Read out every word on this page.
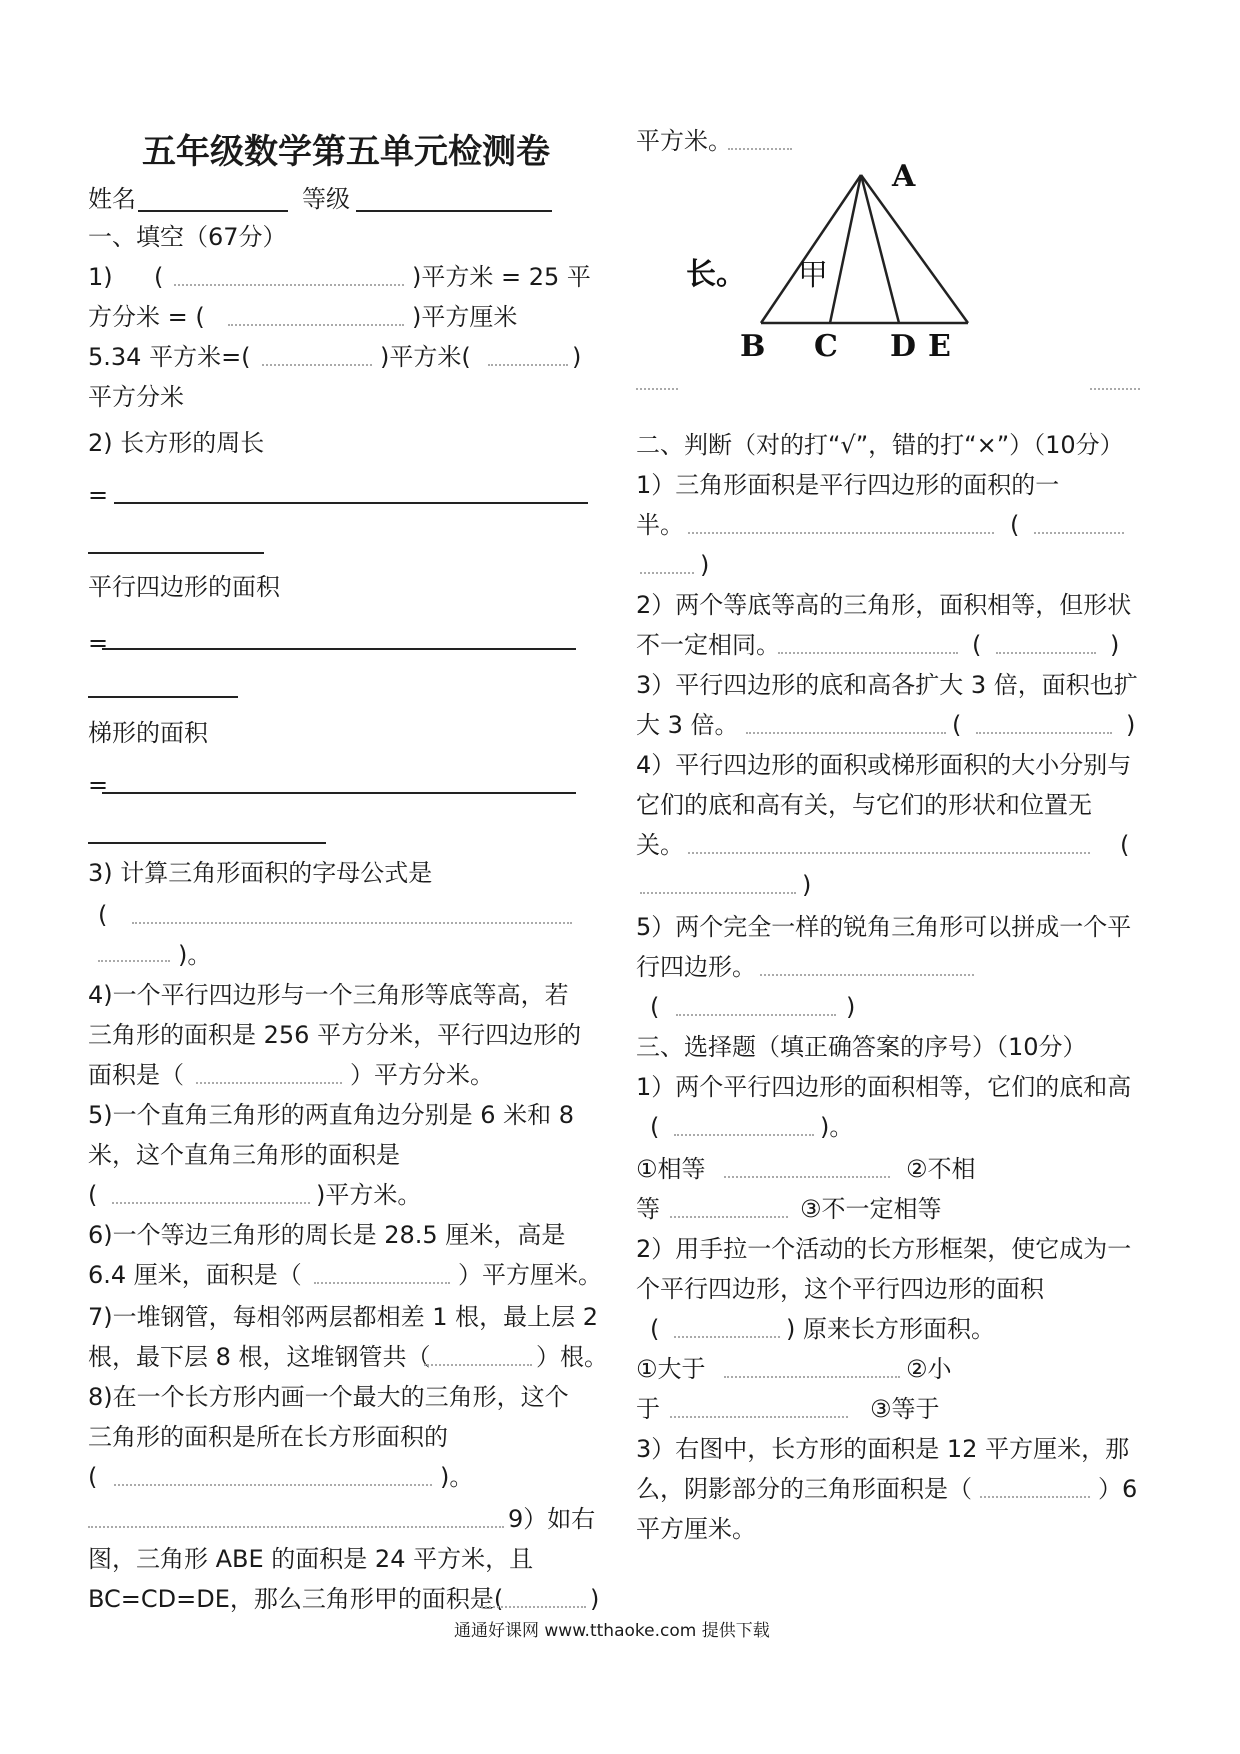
五年级数学第五单元检测卷
姓名	等级
一、填空（67分）
1) (	)平方米 = 25 平
方分米 = (	)平方厘米
5.34 平方米=(	)平方米(	)
平方分米
2) 长方形的周长
=
平行四边形的面积
=
梯形的面积
=
3) 计算三角形面积的字母公式是
(
)。
4)一个平行四边形与一个三角形等底等高，若
三角形的面积是 256 平方分米，平行四边形的
面积是（	）平方分米。
5)一个直角三角形的两直角边分别是 6 米和 8
米，这个直角三角形的面积是
(	)平方米。
6)一个等边三角形的周长是 28.5 厘米，高是
6.4 厘米，面积是（	）平方厘米。
7)一堆钢管，每相邻两层都相差 1 根，最上层 2
根，最下层 8 根，这堆钢管共（	）根。
8)在一个长方形内画一个最大的三角形，这个
三角形的面积是所在长方形面积的
(	)。
9）如右
图，三角形 ABE 的面积是 24 平方米，且
BC=CD=DE，那么三角形甲的面积是(	)
平方米。
A
B C D E
甲
长。
二、判断（对的打“√”，错的打“×”）（10分）
1）三角形面积是平行四边形的面积的一
半。	(
)
2）两个等底等高的三角形，面积相等，但形状
不一定相同。	(	)
3）平行四边形的底和高各扩大 3 倍，面积也扩
大 3 倍。	(	)
4）平行四边形的面积或梯形面积的大小分别与
它们的底和高有关，与它们的形状和位置无
关。	(
)
5）两个完全一样的锐角三角形可以拼成一个平
行四边形。
(	)
三、选择题（填正确答案的序号）（10分）
1）两个平行四边形的面积相等，它们的底和高
(	)。
①相等	②不相
等	③不一定相等
2）用手拉一个活动的长方形框架，使它成为一
个平行四边形，这个平行四边形的面积
(	) 原来长方形面积。
①大于	②小
于	③等于
3）右图中，长方形的面积是 12 平方厘米，那
么，阴影部分的三角形面积是（	）6
平方厘米。
通通好课网 www.tthaoke.com 提供下载
